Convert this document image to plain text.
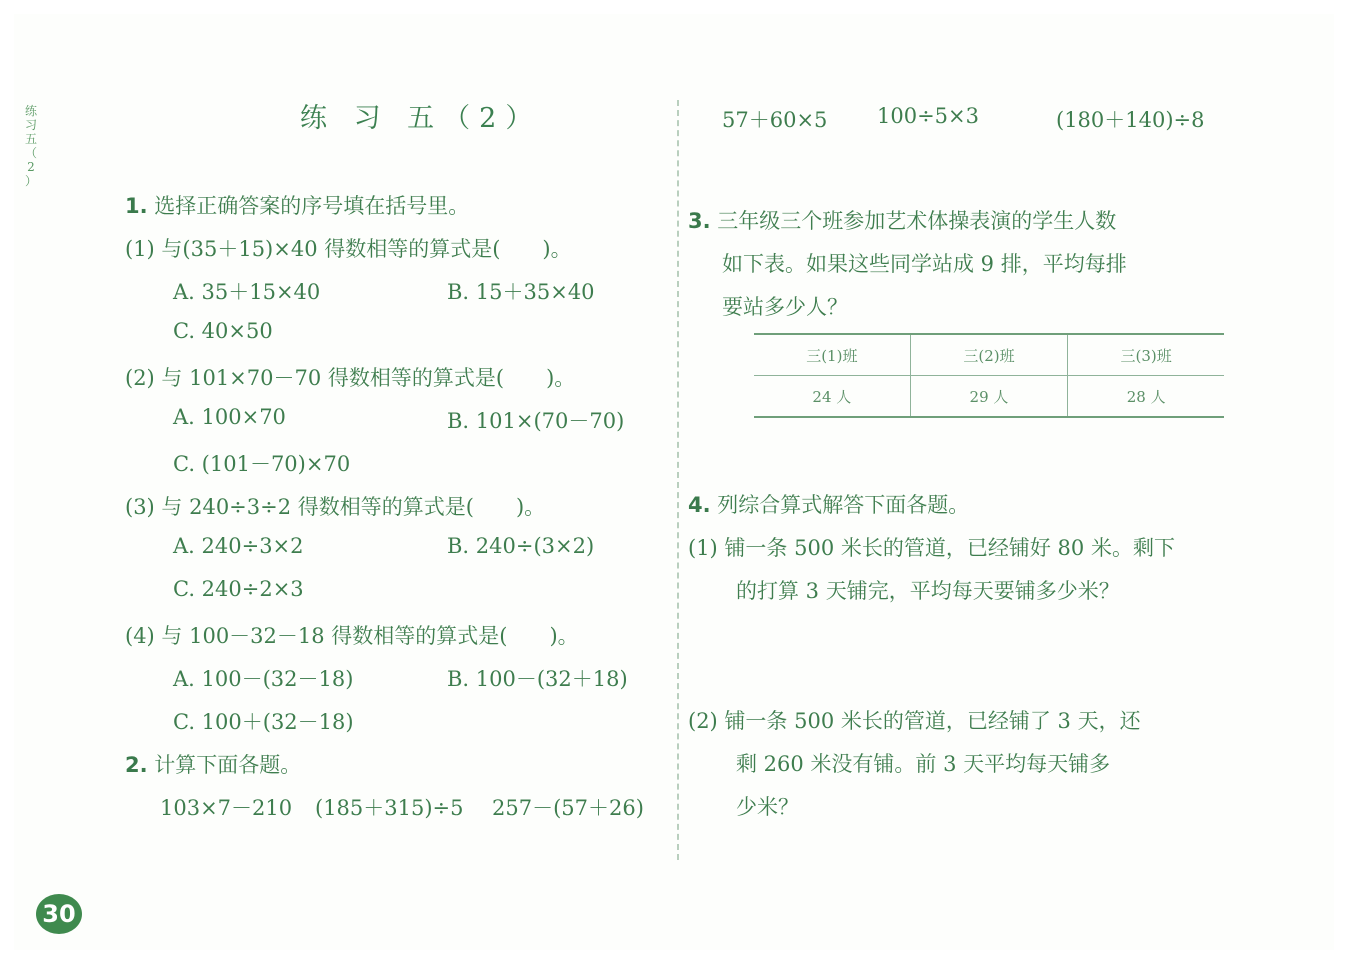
练
习
五
（
2
）
练 习 五（2）
1. 选择正确答案的序号填在括号里。
(1) 与(35＋15)×40 得数相等的算式是(　　)。
A. 35＋15×40	B. 15＋35×40
C. 40×50
(2) 与 101×70－70 得数相等的算式是(　　)。
A. 100×70	B. 101×(70－70)
C. (101－70)×70
(3) 与 240÷3÷2 得数相等的算式是(　　)。
A. 240÷3×2	B. 240÷(3×2)
C. 240÷2×3
(4) 与 100－32－18 得数相等的算式是(　　)。
A. 100－(32－18)	B. 100－(32＋18)
C. 100＋(32－18)
2. 计算下面各题。
103×7－210 (185＋315)÷5 257－(57＋26)
57＋60×5 100÷5×3	(180＋140)÷8
3. 三年级三个班参加艺术体操表演的学生人数
如下表。如果这些同学站成 9 排，平均每排
要站多少人？
三(1)班	三(2)班	三(3)班
24 人	29 人	28 人
4. 列综合算式解答下面各题。
(1) 铺一条 500 米长的管道，已经铺好 80 米。剩下
的打算 3 天铺完，平均每天要铺多少米？
(2) 铺一条 500 米长的管道，已经铺了 3 天，还
剩 260 米没有铺。前 3 天平均每天铺多
少米？
30
